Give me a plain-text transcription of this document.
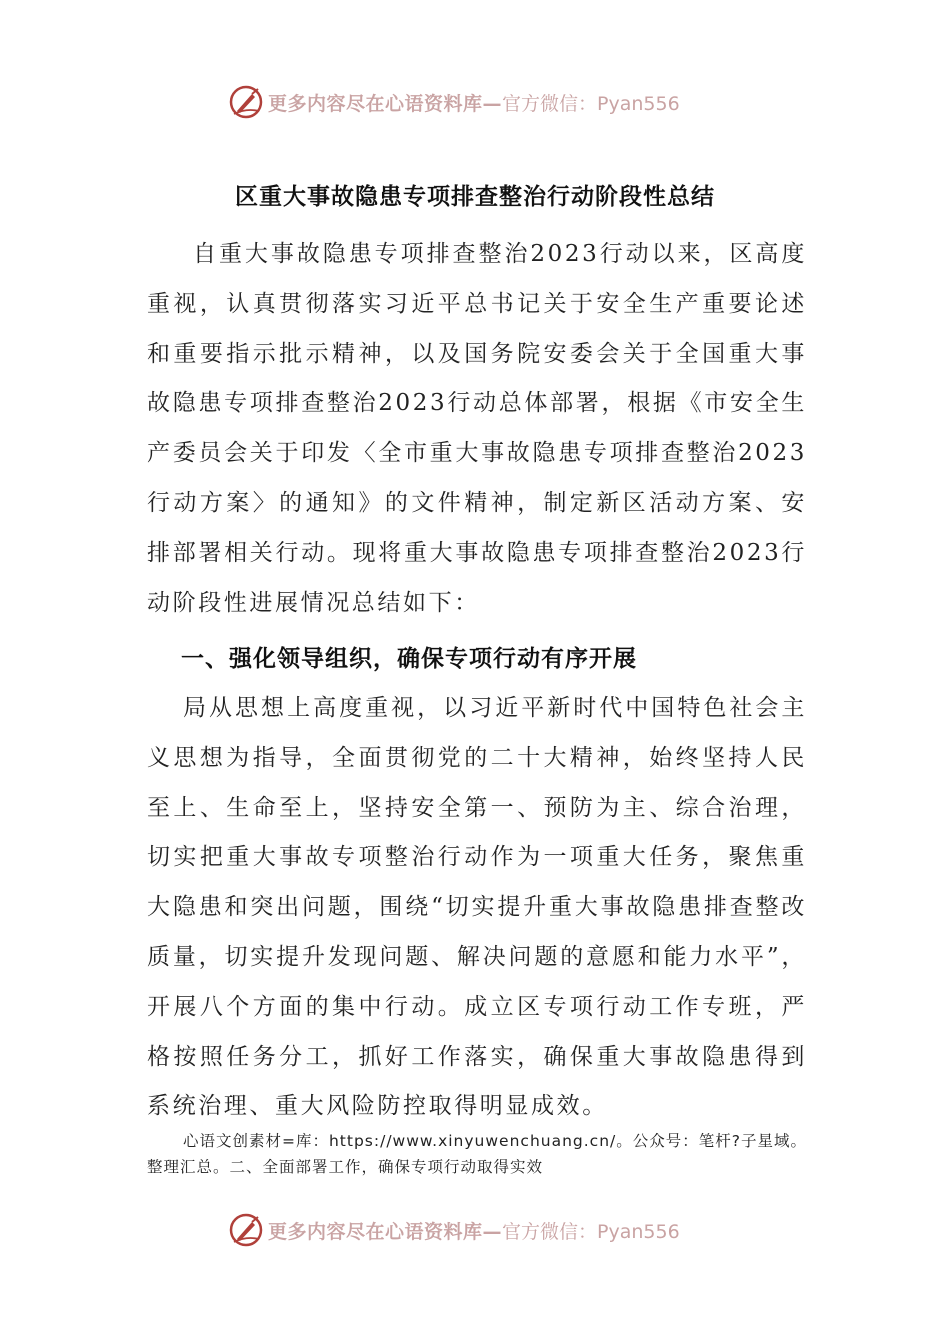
更多内容尽在心语资料库— 官方微信：Pyan556
区重大事故隐患专项排查整治行动阶段性总结

自重大事故隐患专项排查整治2023行动以来，区高度重视，认真贯彻落实习近平总书记关于安全生产重要论述和重要指示批示精神，以及国务院安委会关于全国重大事故隐患专项排查整治2023行动总体部署，根据《市安全生产委员会关于印发〈全市重大事故隐患专项排查整治2023行动方案〉的通知》的文件精神，制定新区活动方案、安排部署相关行动。现将重大事故隐患专项排查整治2023行动阶段性进展情况总结如下：

一、强化领导组织，确保专项行动有序开展

局从思想上高度重视，以习近平新时代中国特色社会主义思想为指导，全面贯彻党的二十大精神，始终坚持人民至上、生命至上，坚持安全第一、预防为主、综合治理，切实把重大事故专项整治行动作为一项重大任务，聚焦重大隐患和突出问题，围绕“切实提升重大事故隐患排查整改质量，切实提升发现问题、解决问题的意愿和能力水平”，开展八个方面的集中行动。成立区专项行动工作专班，严格按照任务分工，抓好工作落实，确保重大事故隐患得到系统治理、重大风险防控取得明显成效。

心语文创素材=库：https://www.xinyuwenchuang.cn/。公众号：笔杆?子星域。整理汇总。二、全面部署工作，确保专项行动取得实效

更多内容尽在心语资料库— 官方微信：Pyan556
